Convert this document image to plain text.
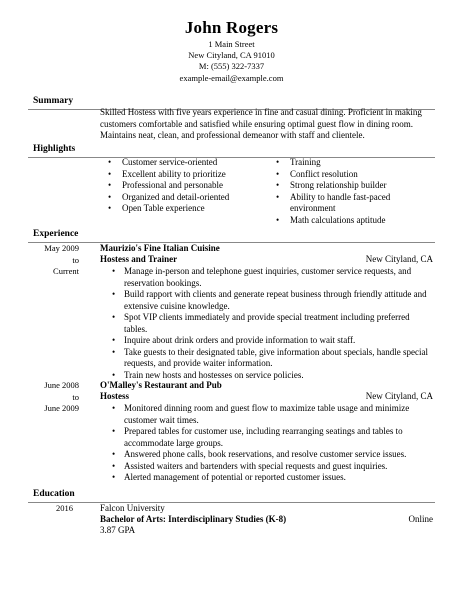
John Rogers
1 Main Street
New Cityland, CA 91010
M: (555) 322-7337
example-email@example.com
Summary
Skilled Hostess with five years experience in fine and casual dining. Proficient in making customers comfortable and satisfied while ensuring optimal guest flow in dining room. Maintains neat, clean, and professional demeanor with staff and clientele.
Highlights
• Customer service-oriented
• Excellent ability to prioritize
• Professional and personable
• Organized and detail-oriented
• Open Table experience
• Training
• Conflict resolution
• Strong relationship builder
• Ability to handle fast-paced environment
• Math calculations aptitude
Experience
May 2009
to
Current
Maurizio's Fine Italian Cuisine
Hostess and Trainer	New Cityland, CA
• Manage in-person and telephone guest inquiries, customer service requests, and reservation bookings.
• Build rapport with clients and generate repeat business through friendly attitude and extensive cuisine knowledge.
• Spot VIP clients immediately and provide special treatment including preferred tables.
• Inquire about drink orders and provide information to wait staff.
• Take guests to their designated table, give information about specials, handle special requests, and provide waiter information.
• Train new hosts and hostesses on service policies.
June 2008
to
June 2009
O'Malley's Restaurant and Pub
Hostess	New Cityland, CA
• Monitored dinning room and guest flow to maximize table usage and minimize customer wait times.
• Prepared tables for customer use, including rearranging seatings and tables to accommodate large groups.
• Answered phone calls, book reservations, and resolve customer service issues.
• Assisted waiters and bartenders with special requests and guest inquiries.
• Alerted management of potential or reported customer issues.
Education
2016	Falcon University
Bachelor of Arts: Interdisciplinary Studies (K-8)	Online
3.87 GPA
